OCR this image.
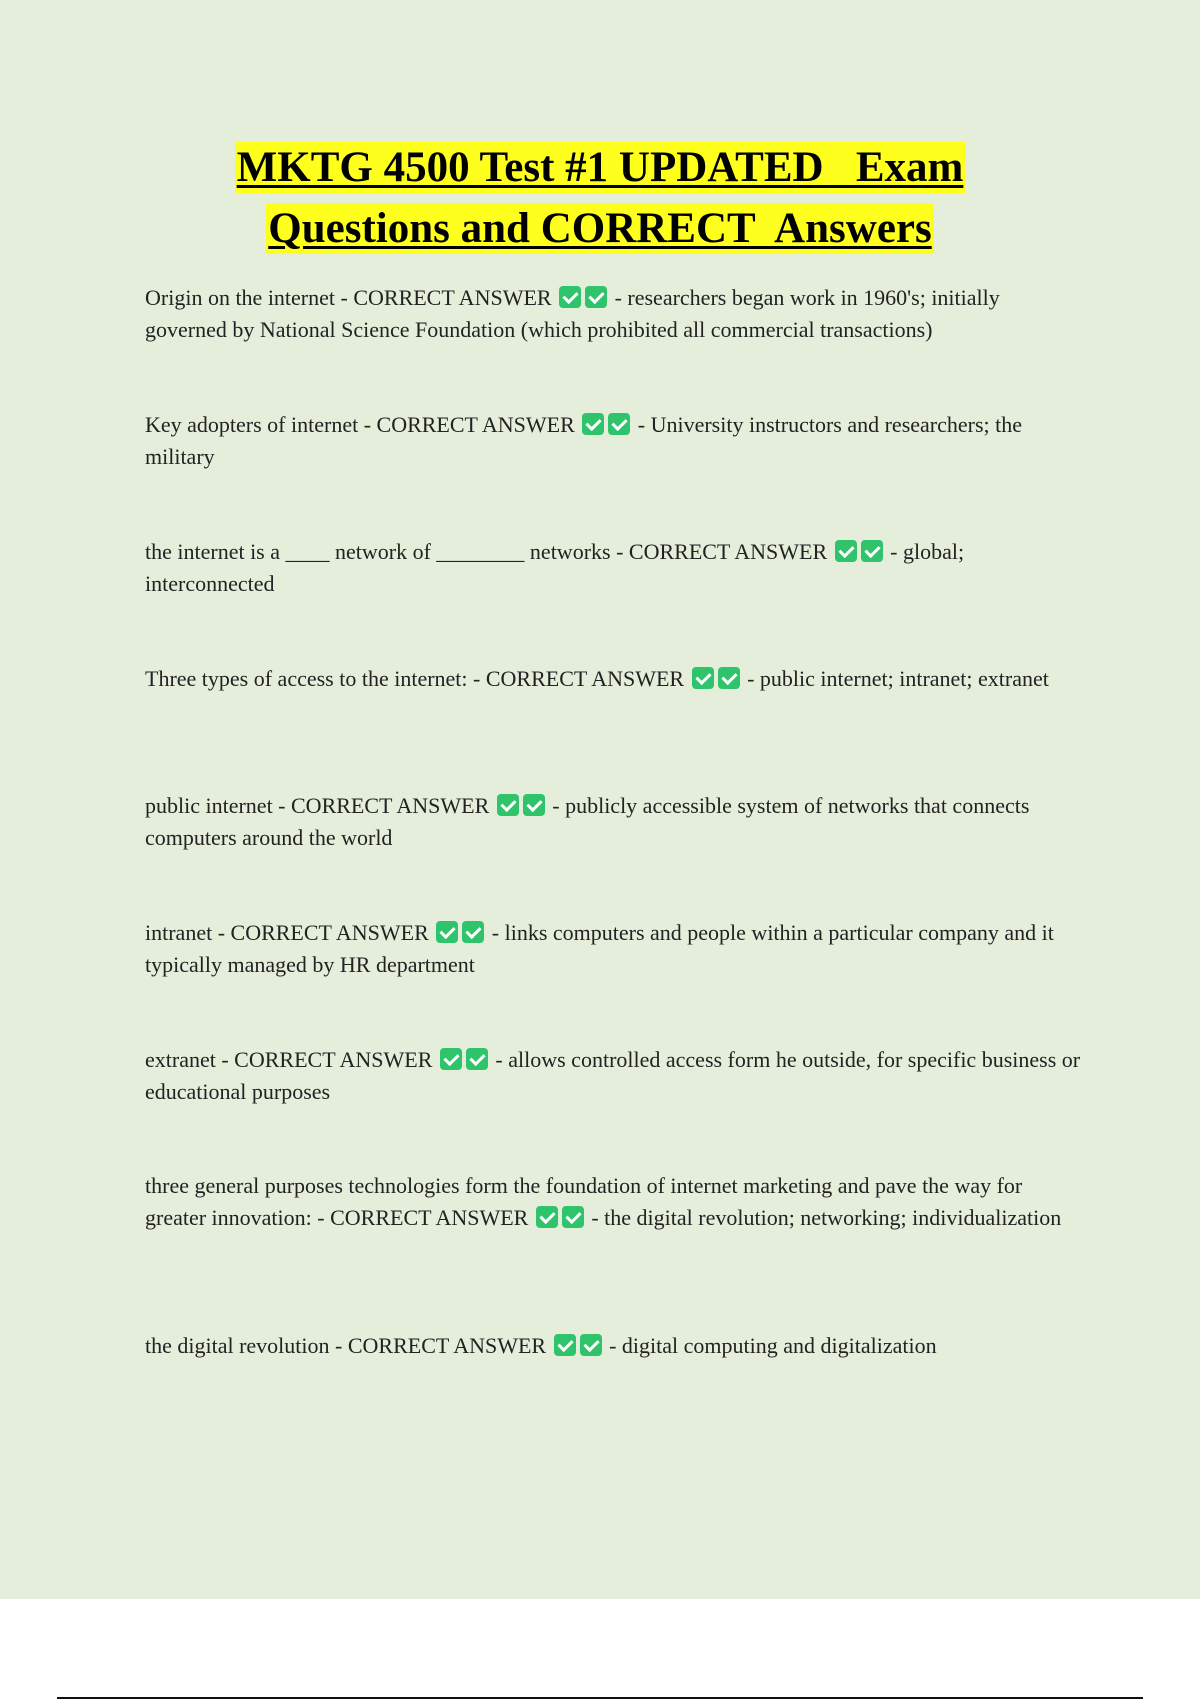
MKTG 4500 Test #1 UPDATED   Exam
Questions and CORRECT  Answers
Origin on the internet - CORRECT ANSWER	- researchers began work in 1960's; initially governed by National Science Foundation (which prohibited all commercial transactions)
Key adopters of internet - CORRECT ANSWER	- University instructors and researchers; the military
the internet is a ____ network of ________ networks - CORRECT ANSWER	- global; interconnected
Three types of access to the internet: - CORRECT ANSWER	- public internet; intranet; extranet
public internet - CORRECT ANSWER	- publicly accessible system of networks that connects computers around the world
intranet - CORRECT ANSWER	- links computers and people within a particular company and it typically managed by HR department
extranet - CORRECT ANSWER	- allows controlled access form he outside, for specific business or educational purposes
three general purposes technologies form the foundation of internet marketing and pave the way for greater innovation: - CORRECT ANSWER	- the digital revolution; networking; individualization
the digital revolution - CORRECT ANSWER	- digital computing and digitalization
